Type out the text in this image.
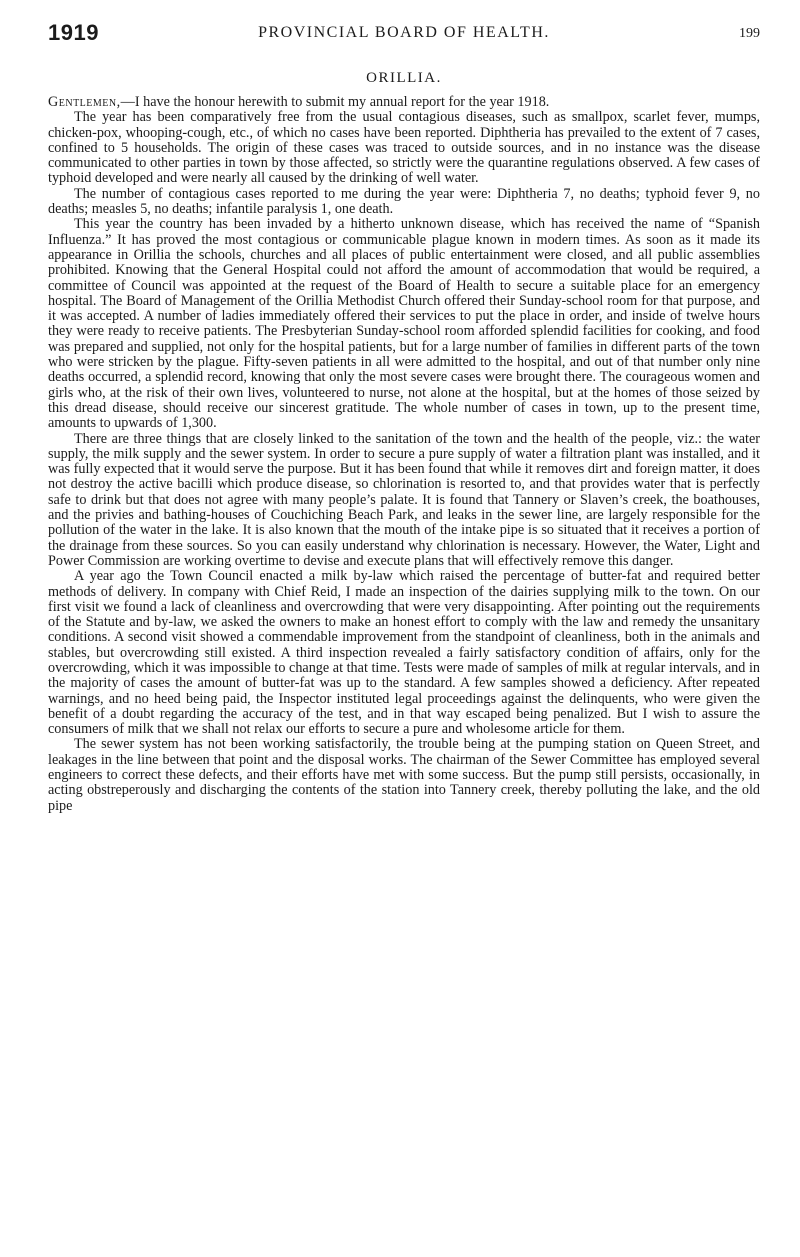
1919	PROVINCIAL BOARD OF HEALTH.	199
ORILLIA.

Gentlemen,—I have the honour herewith to submit my annual report for the year 1918.

The year has been comparatively free from the usual contagious diseases, such as smallpox, scarlet fever, mumps, chicken-pox, whooping-cough, etc., of which no cases have been reported. Diphtheria has prevailed to the extent of 7 cases, confined to 5 households. The origin of these cases was traced to outside sources, and in no instance was the disease communicated to other parties in town by those affected, so strictly were the quarantine regulations observed. A few cases of typhoid developed and were nearly all caused by the drinking of well water.

The number of contagious cases reported to me during the year were: Diphtheria 7, no deaths; typhoid fever 9, no deaths; measles 5, no deaths; infantile paralysis 1, one death.

This year the country has been invaded by a hitherto unknown disease, which has received the name of “Spanish Influenza.” It has proved the most contagious or communicable plague known in modern times. As soon as it made its appearance in Orillia the schools, churches and all places of public entertainment were closed, and all public assemblies prohibited. Knowing that the General Hospital could not afford the amount of accommodation that would be required, a committee of Council was appointed at the request of the Board of Health to secure a suitable place for an emergency hospital. The Board of Management of the Orillia Methodist Church offered their Sunday-school room for that purpose, and it was accepted. A number of ladies immediately offered their services to put the place in order, and inside of twelve hours they were ready to receive patients. The Presbyterian Sunday-school room afforded splendid facilities for cooking, and food was prepared and supplied, not only for the hospital patients, but for a large number of families in different parts of the town who were stricken by the plague. Fifty-seven patients in all were admitted to the hospital, and out of that number only nine deaths occurred, a splendid record, knowing that only the most severe cases were brought there. The courageous women and girls who, at the risk of their own lives, volunteered to nurse, not alone at the hospital, but at the homes of those seized by this dread disease, should receive our sincerest gratitude. The whole number of cases in town, up to the present time, amounts to upwards of 1,300.

There are three things that are closely linked to the sanitation of the town and the health of the people, viz.: the water supply, the milk supply and the sewer system. In order to secure a pure supply of water a filtration plant was installed, and it was fully expected that it would serve the purpose. But it has been found that while it removes dirt and foreign matter, it does not destroy the active bacilli which produce disease, so chlorination is resorted to, and that provides water that is perfectly safe to drink but that does not agree with many people’s palate. It is found that Tannery or Slaven’s creek, the boathouses, and the privies and bathing-houses of Couchiching Beach Park, and leaks in the sewer line, are largely responsible for the pollution of the water in the lake. It is also known that the mouth of the intake pipe is so situated that it receives a portion of the drainage from these sources. So you can easily understand why chlorination is necessary. However, the Water, Light and Power Commission are working overtime to devise and execute plans that will effectively remove this danger.

A year ago the Town Council enacted a milk by-law which raised the percentage of butter-fat and required better methods of delivery. In company with Chief Reid, I made an inspection of the dairies supplying milk to the town. On our first visit we found a lack of cleanliness and overcrowding that were very disappointing. After pointing out the requirements of the Statute and by-law, we asked the owners to make an honest effort to comply with the law and remedy the unsanitary conditions. A second visit showed a commendable improvement from the standpoint of cleanliness, both in the animals and stables, but overcrowding still existed. A third inspection revealed a fairly satisfactory condition of affairs, only for the overcrowding, which it was impossible to change at that time. Tests were made of samples of milk at regular intervals, and in the majority of cases the amount of butter-fat was up to the standard. A few samples showed a deficiency. After repeated warnings, and no heed being paid, the Inspector instituted legal proceedings against the delinquents, who were given the benefit of a doubt regarding the accuracy of the test, and in that way escaped being penalized. But I wish to assure the consumers of milk that we shall not relax our efforts to secure a pure and wholesome article for them.

The sewer system has not been working satisfactorily, the trouble being at the pumping station on Queen Street, and leakages in the line between that point and the disposal works. The chairman of the Sewer Committee has employed several engineers to correct these defects, and their efforts have met with some success. But the pump still persists, occasionally, in acting obstreperously and discharging the contents of the station into Tannery creek, thereby polluting the lake, and the old pipe
